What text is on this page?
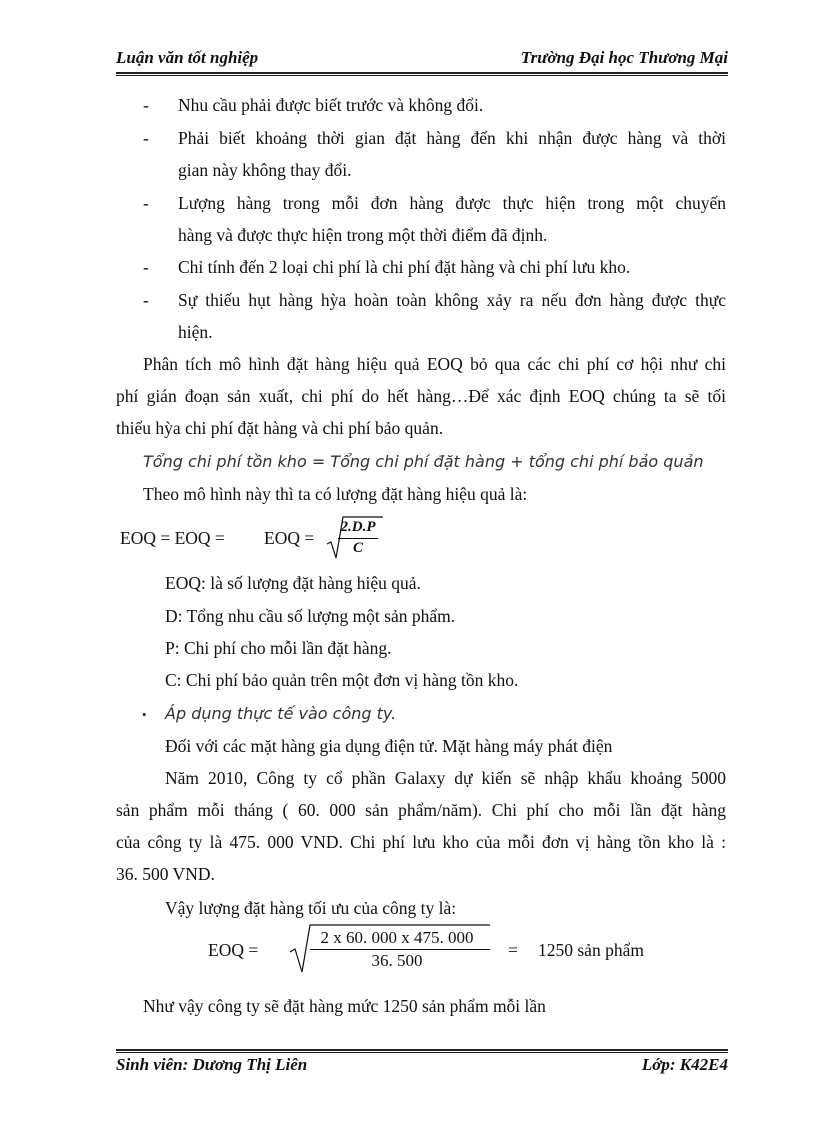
Luận văn tốt nghiệp	Trường Đại học Thương Mại
- Nhu cầu phải được biết trước và không đổi.
- Phải biết khoảng thời gian đặt hàng đến khi nhận được hàng và thời
gian này không thay đổi.
- Lượng hàng trong mỗi đơn hàng được thực hiện trong một chuyến
hàng và được thực hiện trong một thời điểm đã định.
- Chỉ tính đến 2 loại chi phí là chi phí đặt hàng và chi phí lưu kho.
- Sự thiếu hụt hàng hỳa hoàn toàn không xảy ra nếu đơn hàng được thực
hiện.
Phân tích mô hình đặt hàng hiệu quả EOQ bỏ qua các chi phí cơ hội như chi
phí gián đoạn sản xuất, chi phí do hết hàng…Để xác định EOQ chúng ta sẽ tối
thiểu hỳa chi phí đặt hàng và chi phí bảo quản.
Tổng chi phí tồn kho = Tổng chi phí đặt hàng + tổng chi phí bảo quản
Theo mô hình này thì ta có lượng đặt hàng hiệu quả là:
EOQ = EOQ = EOQ =
2.D.P
C
EOQ: là số lượng đặt hàng hiệu quả.
D: Tổng nhu cầu số lượng một sản phẩm.
P: Chi phí cho mỗi lần đặt hàng.
C: Chi phí bảo quản trên một đơn vị hàng tồn kho.
• Áp dụng thực tế vào công ty.
Đối với các mặt hàng gia dụng điện tử. Mặt hàng máy phát điện
Năm 2010, Công ty cổ phần Galaxy dự kiến sẽ nhập khẩu khoảng 5000
sản phẩm mỗi tháng ( 60. 000 sản phẩm/năm). Chi phí cho mỗi lần đặt hàng
của công ty là 475. 000 VND. Chi phí lưu kho của mỗi đơn vị hàng tồn kho là :
36. 500 VND.
Vậy lượng đặt hàng tối ưu của công ty là:
EOQ =
2 x 60. 000 x 475. 000
36. 500
= 1250 sản phẩm
Như vậy công ty sẽ đặt hàng mức 1250 sản phẩm mỗi lần
Sinh viên: Dương Thị Liên	Lớp: K42E4
